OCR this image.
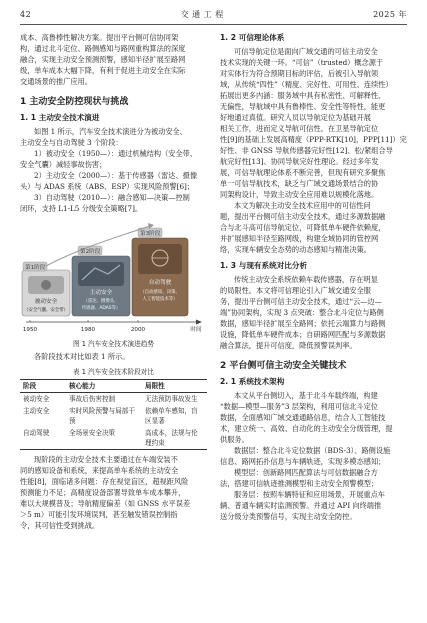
42	交 通 工 程	2025 年

成本、高鲁棒性解决方案。提出平台侧可信协同架

构，通过北斗定位、路侧感知与路网重构算法的深度

融合，实现主动安全预测预警，感知半径扩展至路网

级，单车成本大幅下降，有利于促进主动安全在实际

交通场景的推广应用。

1 主动安全防控现状与挑战
1. 1 主动安全技术演进

如图 1 所示，汽车安全技术演进分为被动安全、

主动安全与自动驾驶 3 个阶段：

1）被动安全（1950—）：通过机械结构（安全带、

安全气囊）减轻事故伤害；

2）主动安全（2000—）：基于传感器（雷达、摄像

头）与 ADAS 系统（ABS、ESP）实现风险预警[6]；

3）自动驾驶（2010—）：融合感知—决策—控制

闭环，支持 L1-L5 分级安全策略[7]。

第1阶段
第2阶段
第3阶段
被动安全
（安全气囊、安全带）
主动安全
（雷达、摄像头、
传感器、ADAS等）
自动驾驶
（自动感知、决策、
人工智能技术等）
1950	1980	2000	时间
图 1 汽车安全技术演进趋势

各阶段技术对比如表 1 所示。

表 1 汽车安全技术阶段对比
阶段	核心能力	局限性
被动安全	事故后伤害控制	无法预防事故发生
主动安全	实时风险预警与局部干预	依赖单车感知，盲区显著
自动驾驶	全场景安全决策	高成本，法规与伦理约束

现阶段的主动安全技术主要通过在车端安装不

同的感知设备和系统，来提高单车系统的主动安全

性能[8]，面临诸多问题：存在视觉盲区，超视距风险

预测能力不足；高精度设备部署导致单车成本攀升，

难以大规模普及；导航精度偏差（如 GNSS 水平误差

＞5 m）可能引发环境误判，甚至触发错误控制指

令，其可信性受到挑战。

1. 2 可信理论体系

可信导航定位是面向广域交通的可信主动安全

技术实现的关键一环。“可信”（trusted）概念源于

对实体行为符合预期目标的评估，后被引入导航领

域，从传统“四性”（精度、完好性、可用性、连续性）

拓展出更多内涵：服务域中具有私密性、可解释性、

无偏性，导航域中具有鲁棒性、安全性等特性，能更

好地通过真值。研究人员以导航定位为基础开展

相关工作，进而定义导航可信性。在卫星导航定位

性[9]的基础上发展高精度（PPP-RTK[10]，PPP[11]）完

好性、非 GNSS 导航传感器完好性[12]、松/紧组合导

航完好性[13]、协同导航完好性理论。经过多年发

展，可信导航理论体系不断完善，但现有研究多聚焦

单一可信导航技术，缺乏与广域交通场景结合的协

同架构设计，导致主动安全应用难以规模化落地。

本文为解决主动安全技术应用中的可信性问

题，提出平台侧可信主动安全技术，通过多源数据融

合与北斗高可信导航定位，可降低单车硬件依赖度，

并扩展感知半径至路网级，构建全域协同的管控网

络，实现车辆安全态势的动态感知与精准决策。

1. 3 与现有系统对比分析

传统主动安全系统依赖车载传感器，存在明显

的局限性。本文将可信理论引入广域交通安全服

务，提出平台侧可信主动安全技术，通过“云—边—

端”协同架构，实现 3 点突破：整合北斗定位与路侧

数据，感知半径扩展至全路网；依托云端算力与路侧

设施，降低单车硬件成本；自研路网匹配与多源数据

融合算法，提升可信度，降低预警误判率。

2 平台侧可信主动安全关键技术
2. 1 系统技术架构

本文从平台侧切入，基于北斗车载终端，构建

“数据—模型—服务”3 层架构，利用可信北斗定位

数据，全面感知广域交通通路信息，结合人工智能技

术，建立统一、高效、自动化的主动安全分级管理，提

供服务。

数据层：整合北斗定位数据（BDS-3）、路侧设施

信息、路网拓扑信息与车辆轨迹，实现多模态感知；

模型层：创新路网匹配算法与可信数据融合方

法，搭建可信轨迹推测模型和主动安全预警模型；

服务层：按照车辆特征和应用场景，开展重点车

辆、普通车辆实时监测预警。并通过 API 向终端推

送分级分类预警信号，实现主动安全防控。
